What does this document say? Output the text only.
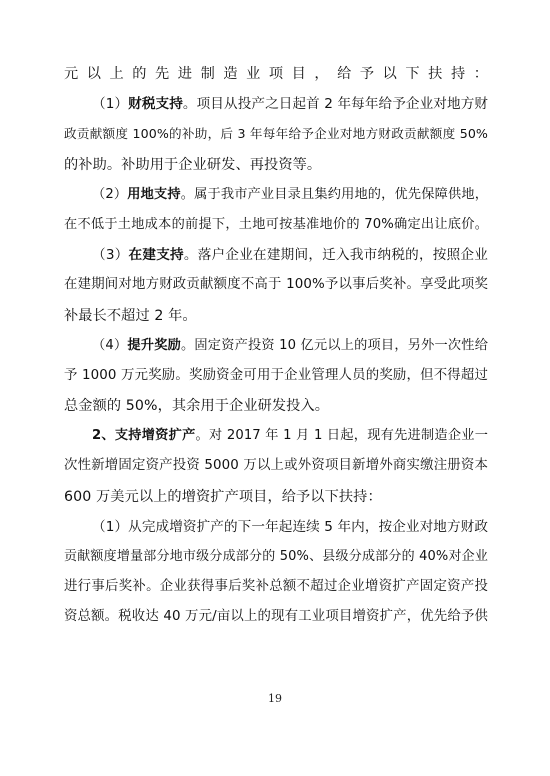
元以上的先进制造业项目，给予以下扶持：
（1）财税支持。项目从投产之日起首 2 年每年给予企业对地方财
政贡献额度 100%的补助，后 3 年每年给予企业对地方财政贡献额度 50%
的补助。补助用于企业研发、再投资等。
（2）用地支持。属于我市产业目录且集约用地的，优先保障供地，
在不低于土地成本的前提下，土地可按基准地价的 70%确定出让底价。
（3）在建支持。落户企业在建期间，迁入我市纳税的，按照企业
在建期间对地方财政贡献额度不高于 100%予以事后奖补。享受此项奖
补最长不超过 2 年。
（4）提升奖励。固定资产投资 10 亿元以上的项目，另外一次性给
予 1000 万元奖励。奖励资金可用于企业管理人员的奖励，但不得超过
总金额的 50%，其余用于企业研发投入。
2、支持增资扩产。对 2017 年 1 月 1 日起，现有先进制造企业一
次性新增固定资产投资 5000 万以上或外资项目新增外商实缴注册资本
600 万美元以上的增资扩产项目，给予以下扶持：
（1）从完成增资扩产的下一年起连续 5 年内，按企业对地方财政
贡献额度增量部分地市级分成部分的 50%、县级分成部分的 40%对企业
进行事后奖补。企业获得事后奖补总额不超过企业增资扩产固定资产投
资总额。税收达 40 万元/亩以上的现有工业项目增资扩产，优先给予供
19
